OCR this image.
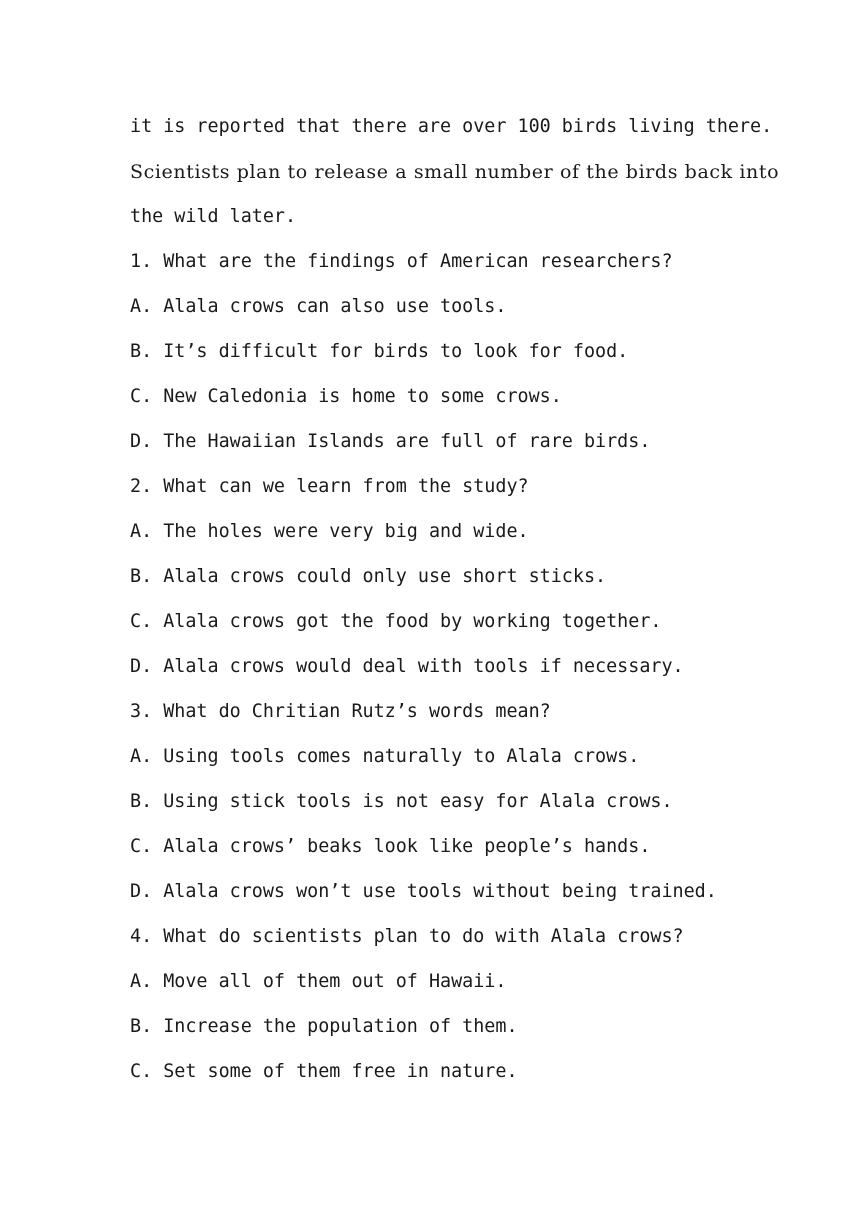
it is reported that there are over 100 birds living there.
Scientists plan to release a small number of the birds back into
the wild later.
1. What are the findings of American researchers?
A. Alala crows can also use tools.
B. It’s difficult for birds to look for food.
C. New Caledonia is home to some crows.
D. The Hawaiian Islands are full of rare birds.
2. What can we learn from the study?
A. The holes were very big and wide.
B. Alala crows could only use short sticks.
C. Alala crows got the food by working together.
D. Alala crows would deal with tools if necessary.
3. What do Chritian Rutz’s words mean?
A. Using tools comes naturally to Alala crows.
B. Using stick tools is not easy for Alala crows.
C. Alala crows’ beaks look like people’s hands.
D. Alala crows won’t use tools without being trained.
4. What do scientists plan to do with Alala crows?
A. Move all of them out of Hawaii.
B. Increase the population of them.
C. Set some of them free in nature.
